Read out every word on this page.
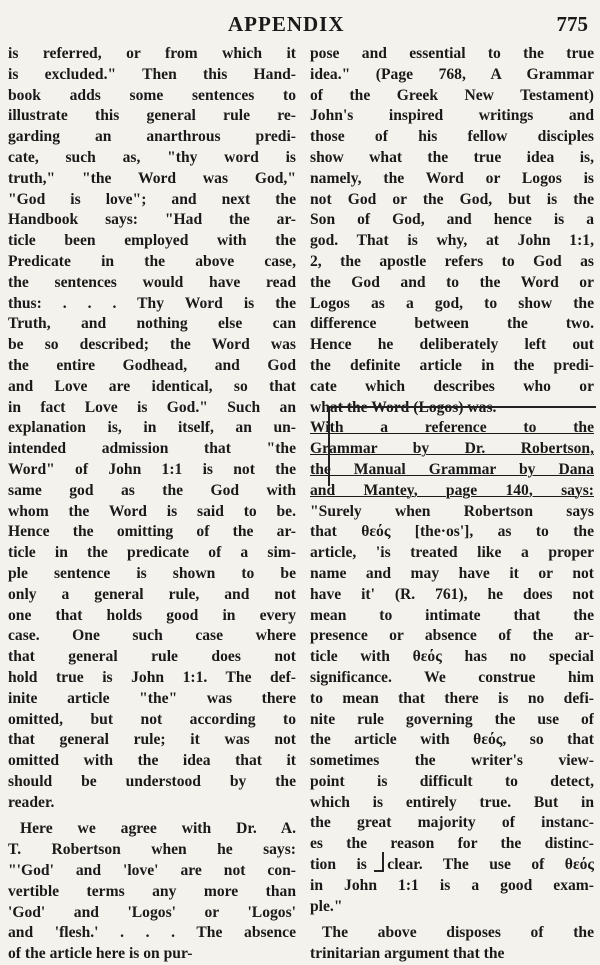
APPENDIX	775
is referred, or from which it
is excluded." Then this Hand-
book adds some sentences to
illustrate this general rule re-
garding an anarthrous predi-
cate, such as, "thy word is
truth," "the Word was God,"
"God is love"; and next the
Handbook says: "Had the ar-
ticle been employed with the
Predicate in the above case,
the sentences would have read
thus: . . . Thy Word is the
Truth, and nothing else can
be so described; the Word was
the entire Godhead, and God
and Love are identical, so that
in fact Love is God." Such an
explanation is, in itself, an un-
intended admission that "the
Word" of John 1:1 is not the
same god as the God with
whom the Word is said to be.
Hence the omitting of the ar-
ticle in the predicate of a sim-
ple sentence is shown to be
only a general rule, and not
one that holds good in every
case. One such case where
that general rule does not
hold true is John 1:1. The def-
inite article "the" was there
omitted, but not according to
that general rule; it was not
omitted with the idea that it
should be understood by the
reader.
Here we agree with Dr. A.
T. Robertson when he says:
"'God' and 'love' are not con-
vertible terms any more than
'God' and 'Logos' or 'Logos'
and 'flesh.' . . . The absence
of the article here is on pur-
pose and essential to the true
idea." (Page 768, A Grammar
of the Greek New Testament)
John's inspired writings and
those of his fellow disciples
show what the true idea is,
namely, the Word or Logos is
not God or the God, but is the
Son of God, and hence is a
god. That is why, at John 1:1,
2, the apostle refers to God as
the God and to the Word or
Logos as a god, to show the
difference between the two.
Hence he deliberately left out
the definite article in the predi-
cate which describes who or
what the Word (Logos) was.
With a reference to the
Grammar by Dr. Robertson,
the Manual Grammar by Dana
and Mantey, page 140, says:
"Surely when Robertson says
that θεός [the·os'], as to the
article, 'is treated like a proper
name and may have it or not
have it' (R. 761), he does not
mean to intimate that the
presence or absence of the ar-
ticle with θεός has no special
significance. We construe him
to mean that there is no defi-
nite rule governing the use of
the article with θεός, so that
sometimes the writer's view-
point is difficult to detect,
which is entirely true. But in
the great majority of instanc-
es the reason for the distinc-
tion is clear. The use of θεός
in John 1:1 is a good exam-
ple."
The above disposes of the
trinitarian argument that the
